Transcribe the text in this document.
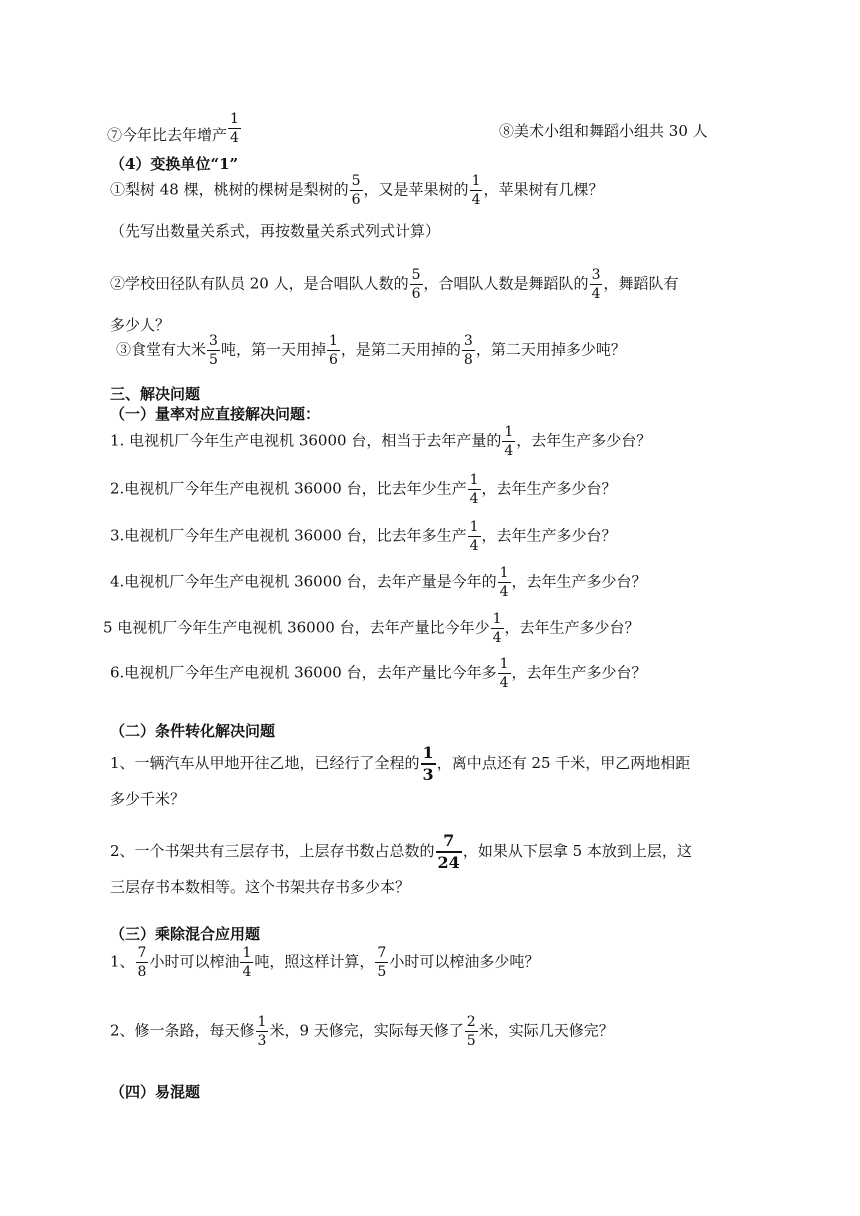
⑦今年比去年增产 $\frac{1}{4}$	⑧美术小组和舞蹈小组共 30 人
（4）变换单位“1”
①梨树 48 棵，桃树的棵树是梨树的 $\frac{5}{6}$ ，又是苹果树的 $\frac{1}{4}$ ，苹果树有几棵？
（先写出数量关系式，再按数量关系式列式计算）
②学校田径队有队员 20 人，是合唱队人数的 $\frac{5}{6}$ ，合唱队人数是舞蹈队的 $\frac{3}{4}$ ，舞蹈队有
多少人？
③食堂有大米 $\frac{3}{5}$ 吨，第一天用掉 $\frac{1}{6}$ ，是第二天用掉的 $\frac{3}{8}$ ，第二天用掉多少吨？
三、解决问题
（一）量率对应直接解决问题：
1. 电视机厂今年生产电视机 36000 台，相当于去年产量的 $\frac{1}{4}$ ，去年生产多少台？
2.电视机厂今年生产电视机 36000 台，比去年少生产 $\frac{1}{4}$ ，去年生产多少台？
3.电视机厂今年生产电视机 36000 台，比去年多生产 $\frac{1}{4}$ ，去年生产多少台？
4.电视机厂今年生产电视机 36000 台，去年产量是今年的 $\frac{1}{4}$ ，去年生产多少台？
5 电视机厂今年生产电视机 36000 台，去年产量比今年少 $\frac{1}{4}$ ，去年生产多少台？
6.电视机厂今年生产电视机 36000 台，去年产量比今年多 $\frac{1}{4}$ ，去年生产多少台？
（二）条件转化解决问题
1、一辆汽车从甲地开往乙地，已经行了全程的 $\frac{1}{3}$ ，离中点还有 25 千米，甲乙两地相距
多少千米？
2、一个书架共有三层存书，上层存书数占总数的 $\frac{7}{24}$ ，如果从下层拿 5 本放到上层，这
三层存书本数相等。这个书架共存书多少本？
（三）乘除混合应用题
1、 $\frac{7}{8}$ 小时可以榨油 $\frac{1}{4}$ 吨，照这样计算， $\frac{7}{5}$ 小时可以榨油多少吨？
2、修一条路，每天修 $\frac{1}{3}$ 米，9 天修完，实际每天修了 $\frac{2}{5}$ 米，实际几天修完？
（四）易混题
